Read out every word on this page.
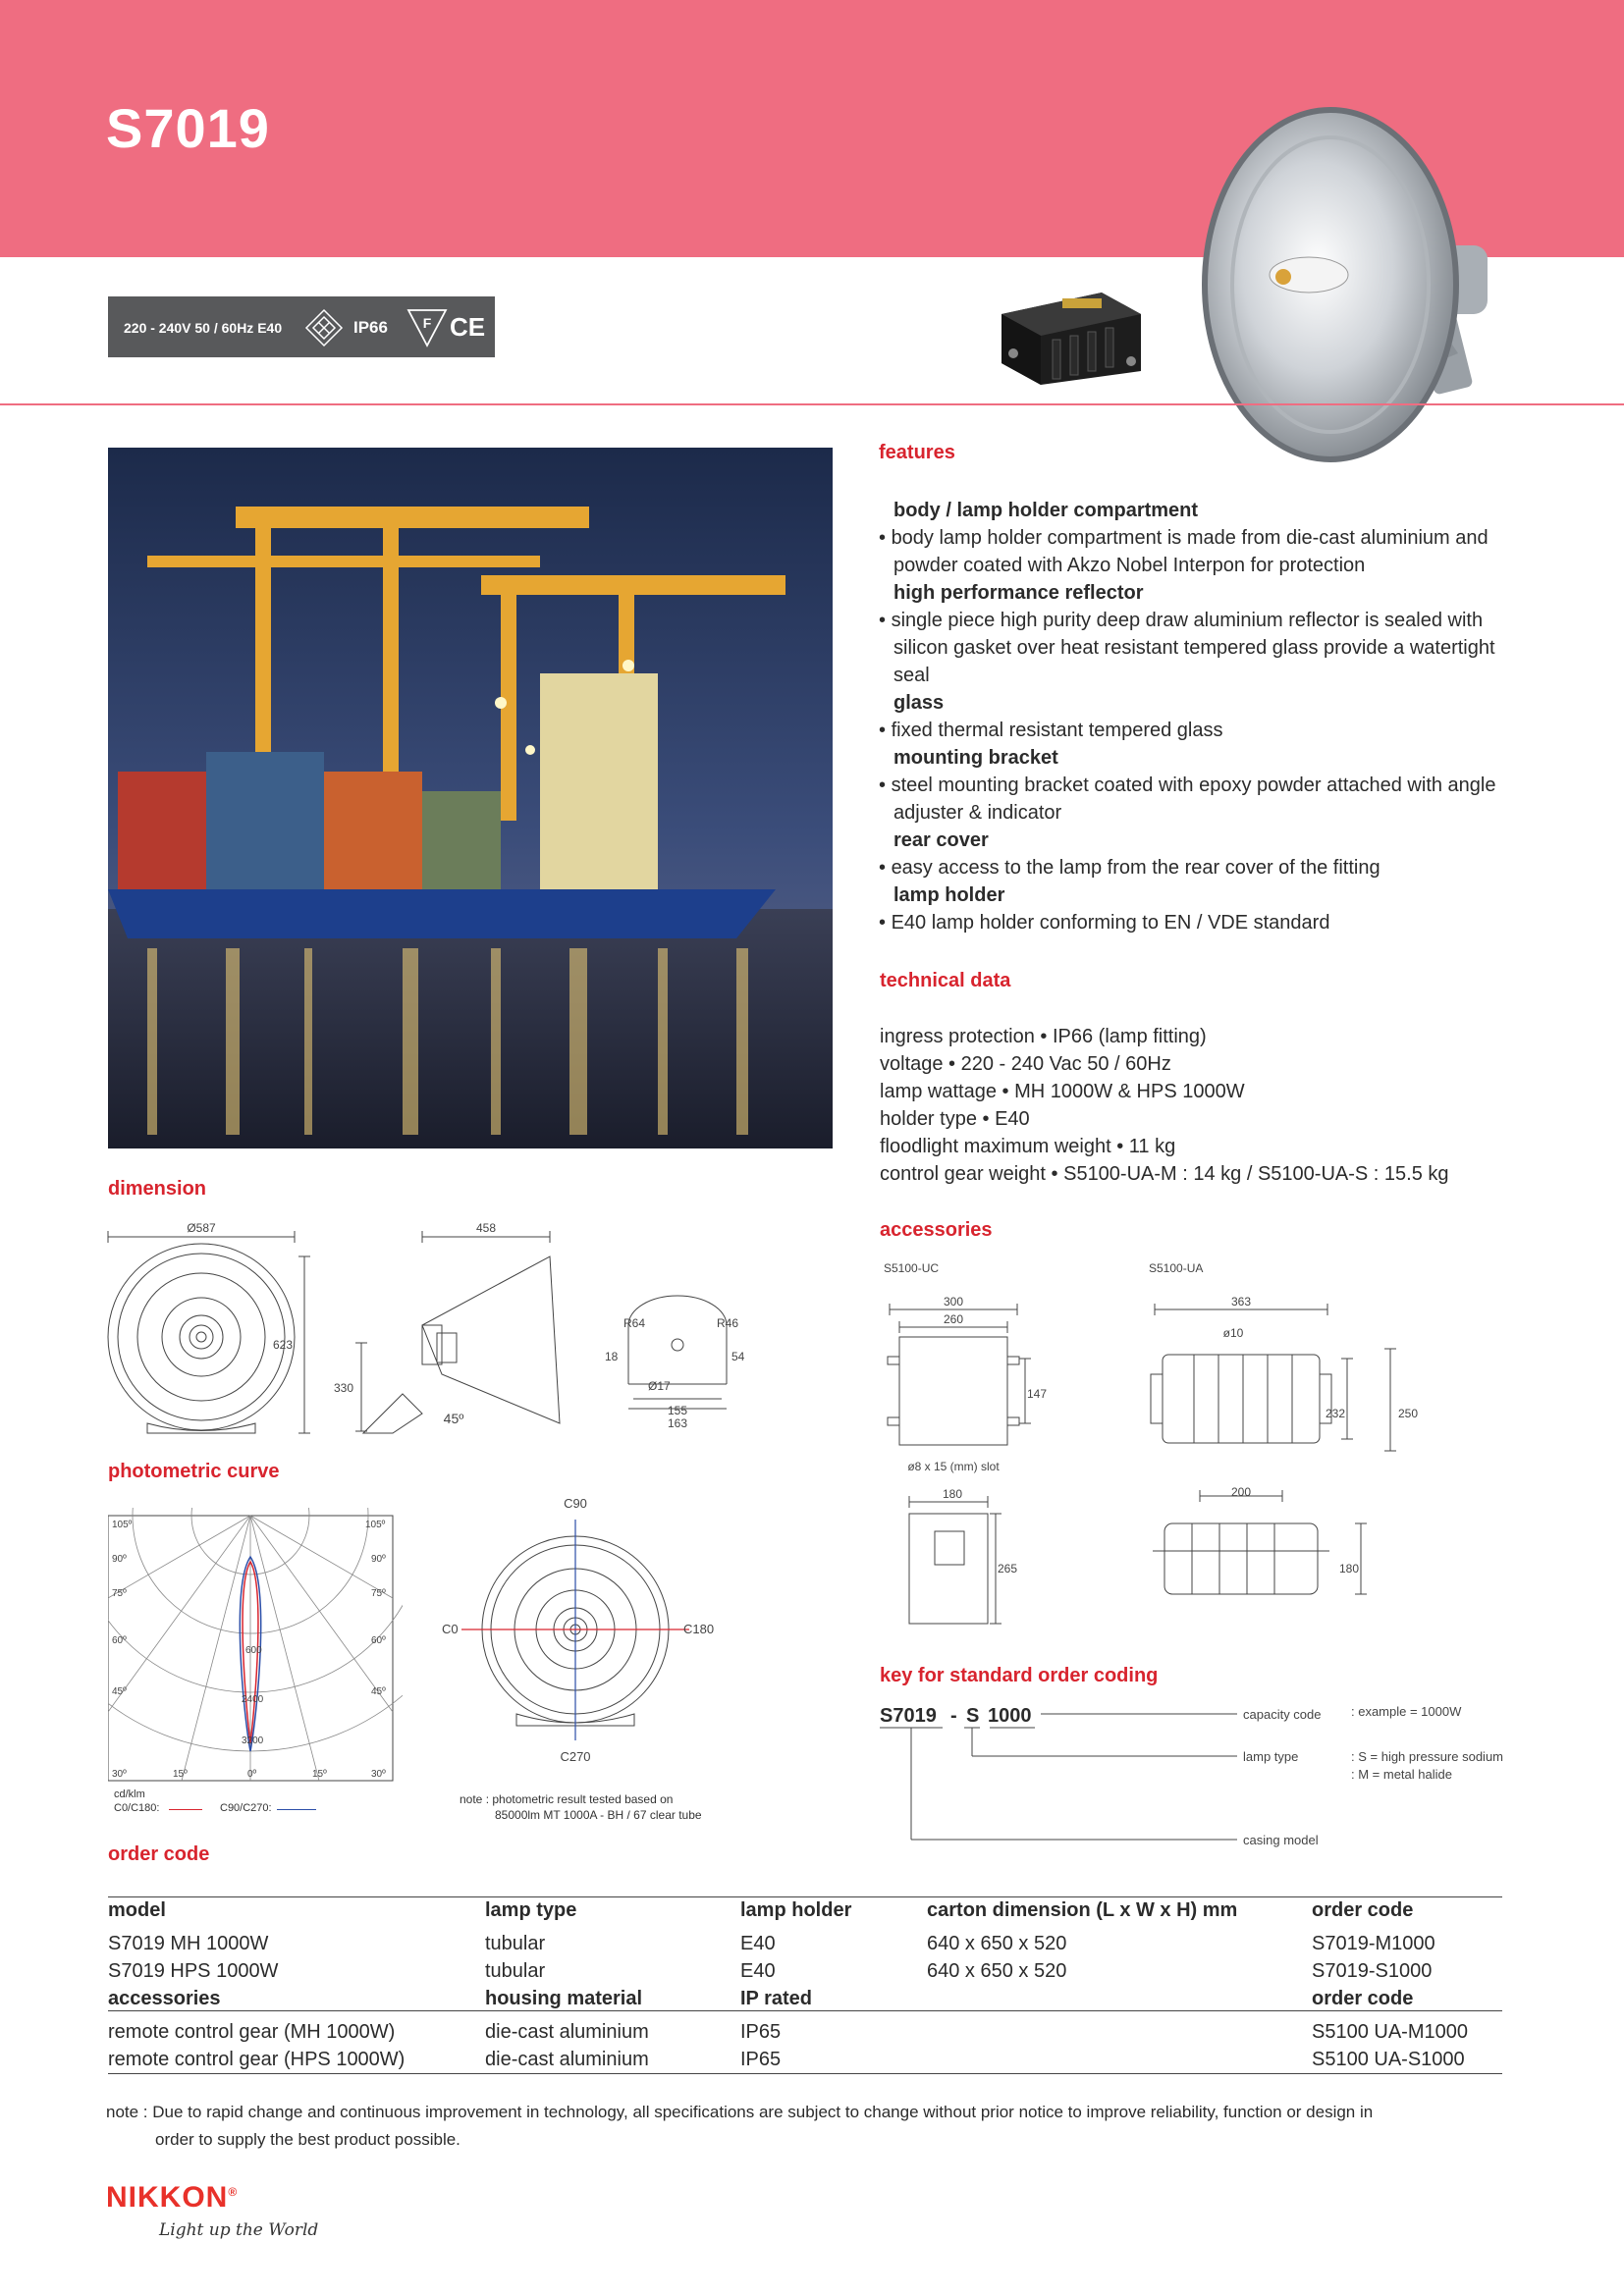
S7019
220 - 240V 50 / 60Hz E40	IP66	F CE
features
body / lamp holder compartment
• body lamp holder compartment is made from die-cast aluminium and powder coated with Akzo Nobel Interpon for protection
high performance reflector
• single piece high purity deep draw aluminium reflector is sealed with silicon gasket over heat resistant tempered glass provide a watertight seal
glass
• fixed thermal resistant tempered glass
mounting bracket
• steel mounting bracket coated with epoxy powder attached with angle adjuster & indicator
rear cover
• easy access to the lamp from the rear cover of the fitting
lamp holder
• E40 lamp holder conforming to EN / VDE standard
technical data
ingress protection • IP66 (lamp fitting)
voltage • 220 - 240 Vac 50 / 60Hz
lamp wattage • MH 1000W & HPS 1000W
holder type • E40
floodlight maximum weight • 11 kg
control gear weight • S5100-UA-M : 14 kg / S5100-UA-S : 15.5 kg
dimension
Ø587
623
458
330
45º
R64	R46
18	54
Ø17
155
163
photometric curve
105º	105º
90º	90º
75º	75º
60º	60º
45º	45º
30º	30º
15º	15º
0º
600
2400
3200
cd/klm
C0/C180:	C90/C270:
C90
C0	C180
C270
note : photometric result tested based on
85000lm MT 1000A - BH / 67 clear tube
accessories
S5100-UC	S5100-UA
300
260
147
ø8 x 15 (mm) slot
180
265
363
ø10
232	250
200
180
key for standard order coding
S7019 - S 1000	capacity code : example = 1000W
lamp type	: S = high pressure sodium
: M = metal halide
casing model
order code
model	lamp type	lamp holder	carton dimension (L x W x H) mm	order code

S7019 MH 1000W	tubular	E40	640 x 650 x 520	S7019-M1000
S7019 HPS 1000W	tubular	E40	640 x 650 x 520	S7019-S1000
accessories	housing material	IP rated		order code

remote control gear (MH 1000W)	die-cast aluminium	IP65		S5100 UA-M1000
remote control gear (HPS 1000W)	die-cast aluminium	IP65		S5100 UA-S1000
note : Due to rapid change and continuous improvement in technology, all specifications are subject to change without prior notice to improve reliability, function or design in
order to supply the best product possible.
NIKKON®
Light up the World
